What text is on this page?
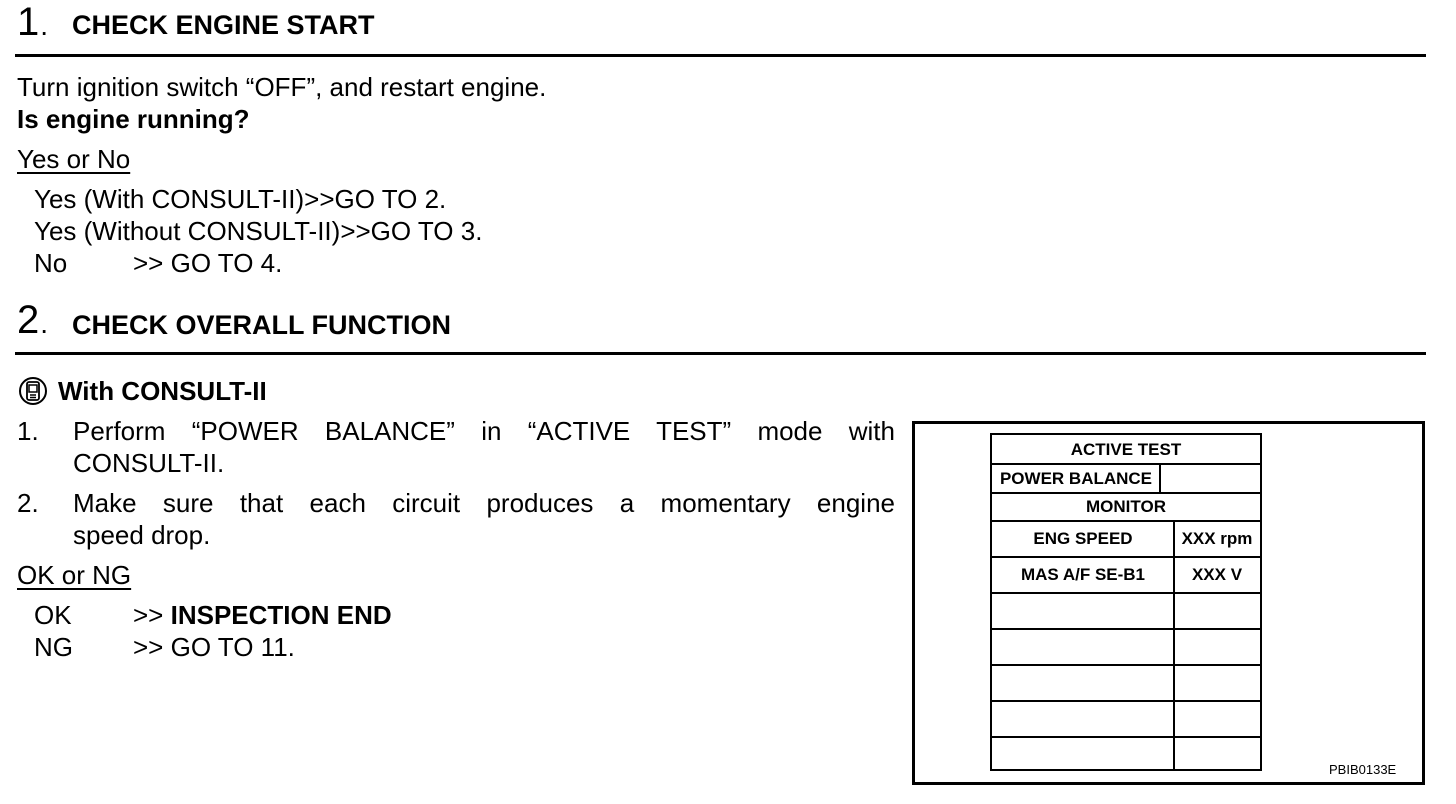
1. CHECK ENGINE START
Turn ignition switch “OFF”, and restart engine.
Is engine running?
Yes or No
Yes (With CONSULT-II)>>GO TO 2.
Yes (Without CONSULT-II)>>GO TO 3.
No	>> GO TO 4.
2. CHECK OVERALL FUNCTION
With CONSULT-II
1. Perform “POWER BALANCE” in “ACTIVE TEST” mode with
CONSULT-II.
2. Make sure that each circuit produces a momentary engine
speed drop.
OK or NG
OK >> INSPECTION END
NG >> GO TO 11.
ACTIVE TEST
POWER BALANCE
MONITOR
ENG SPEED	XXX rpm
MAS A/F SE-B1	XXX V
PBIB0133E
